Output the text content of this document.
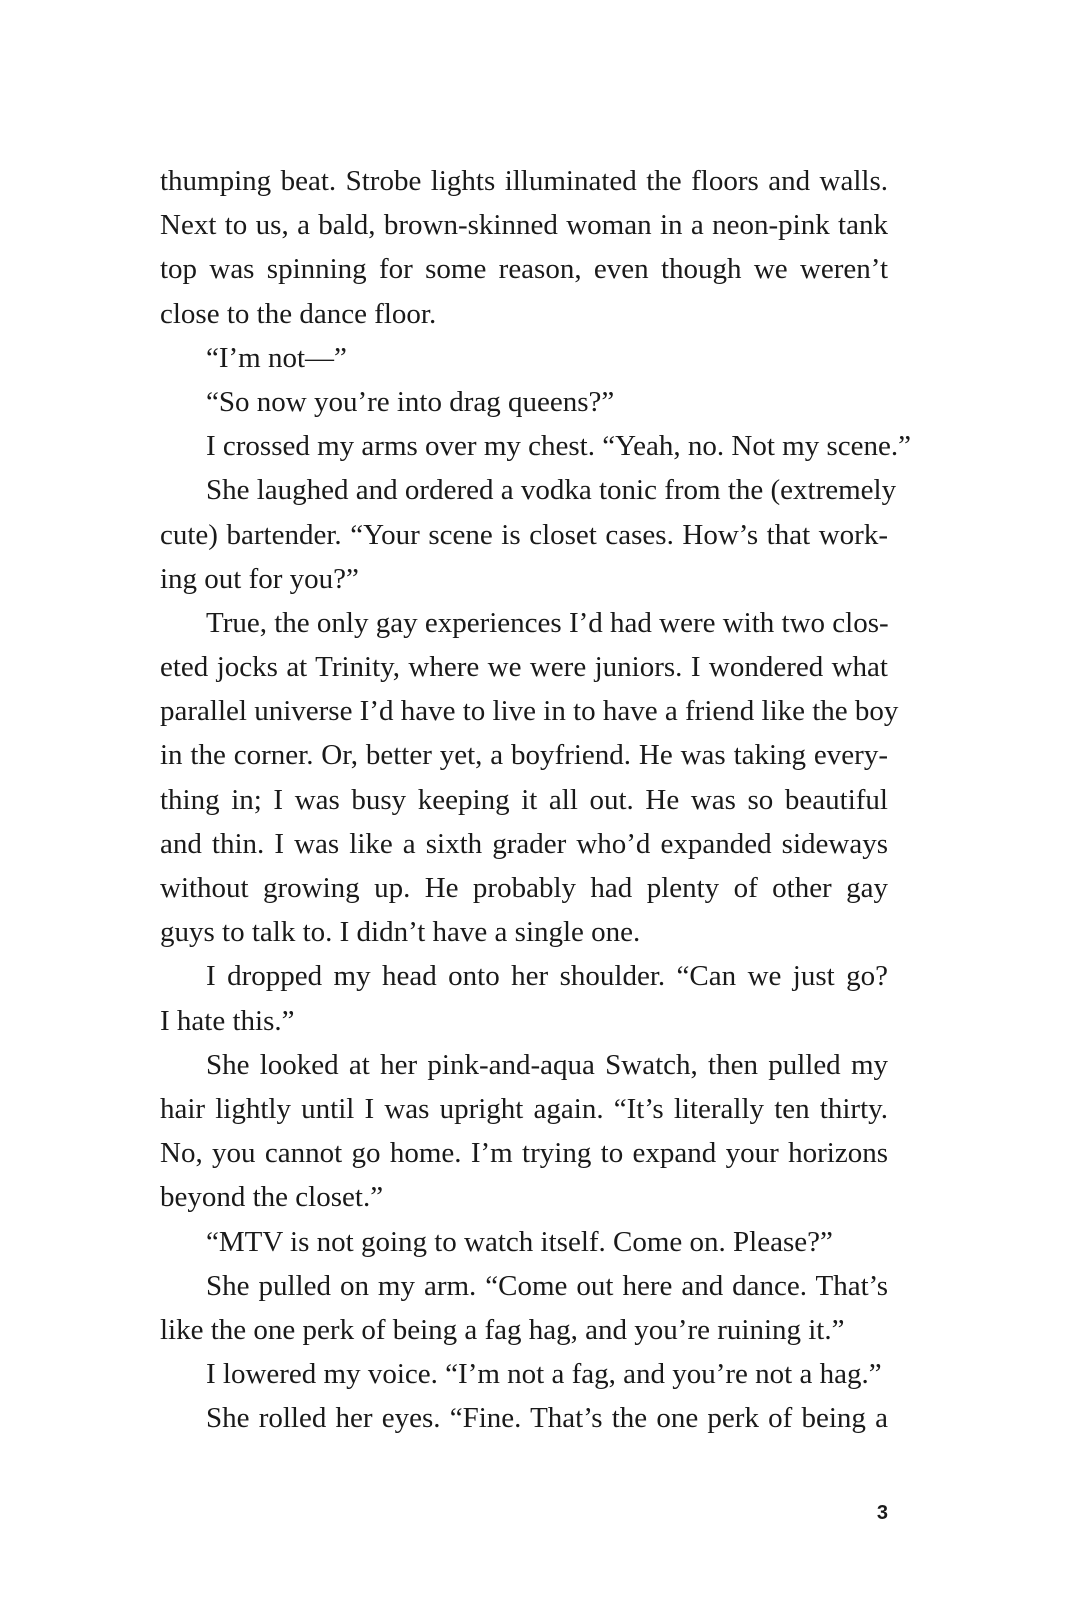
thumping beat. Strobe lights illuminated the floors and walls.
Next to us, a bald, brown-skinned woman in a neon-pink tank
top was spinning for some reason, even though we weren’t
close to the dance floor.
“I’m not—”
“So now you’re into drag queens?”
I crossed my arms over my chest. “Yeah, no. Not my scene.”
She laughed and ordered a vodka tonic from the (extremely
cute) bartender. “Your scene is closet cases. How’s that work-
ing out for you?”
True, the only gay experiences I’d had were with two clos-
eted jocks at Trinity, where we were juniors. I wondered what
parallel universe I’d have to live in to have a friend like the boy
in the corner. Or, better yet, a boyfriend. He was taking every-
thing in; I was busy keeping it all out. He was so beautiful
and thin. I was like a sixth grader who’d expanded sideways
without growing up. He probably had plenty of other gay
guys to talk to. I didn’t have a single one.
I dropped my head onto her shoulder. “Can we just go?
I hate this.”
She looked at her pink-and-aqua Swatch, then pulled my
hair lightly until I was upright again. “It’s literally ten thirty.
No, you cannot go home. I’m trying to expand your horizons
beyond the closet.”
“MTV is not going to watch itself. Come on. Please?”
She pulled on my arm. “Come out here and dance. That’s
like the one perk of being a fag hag, and you’re ruining it.”
I lowered my voice. “I’m not a fag, and you’re not a hag.”
She rolled her eyes. “Fine. That’s the one perk of being a
3
